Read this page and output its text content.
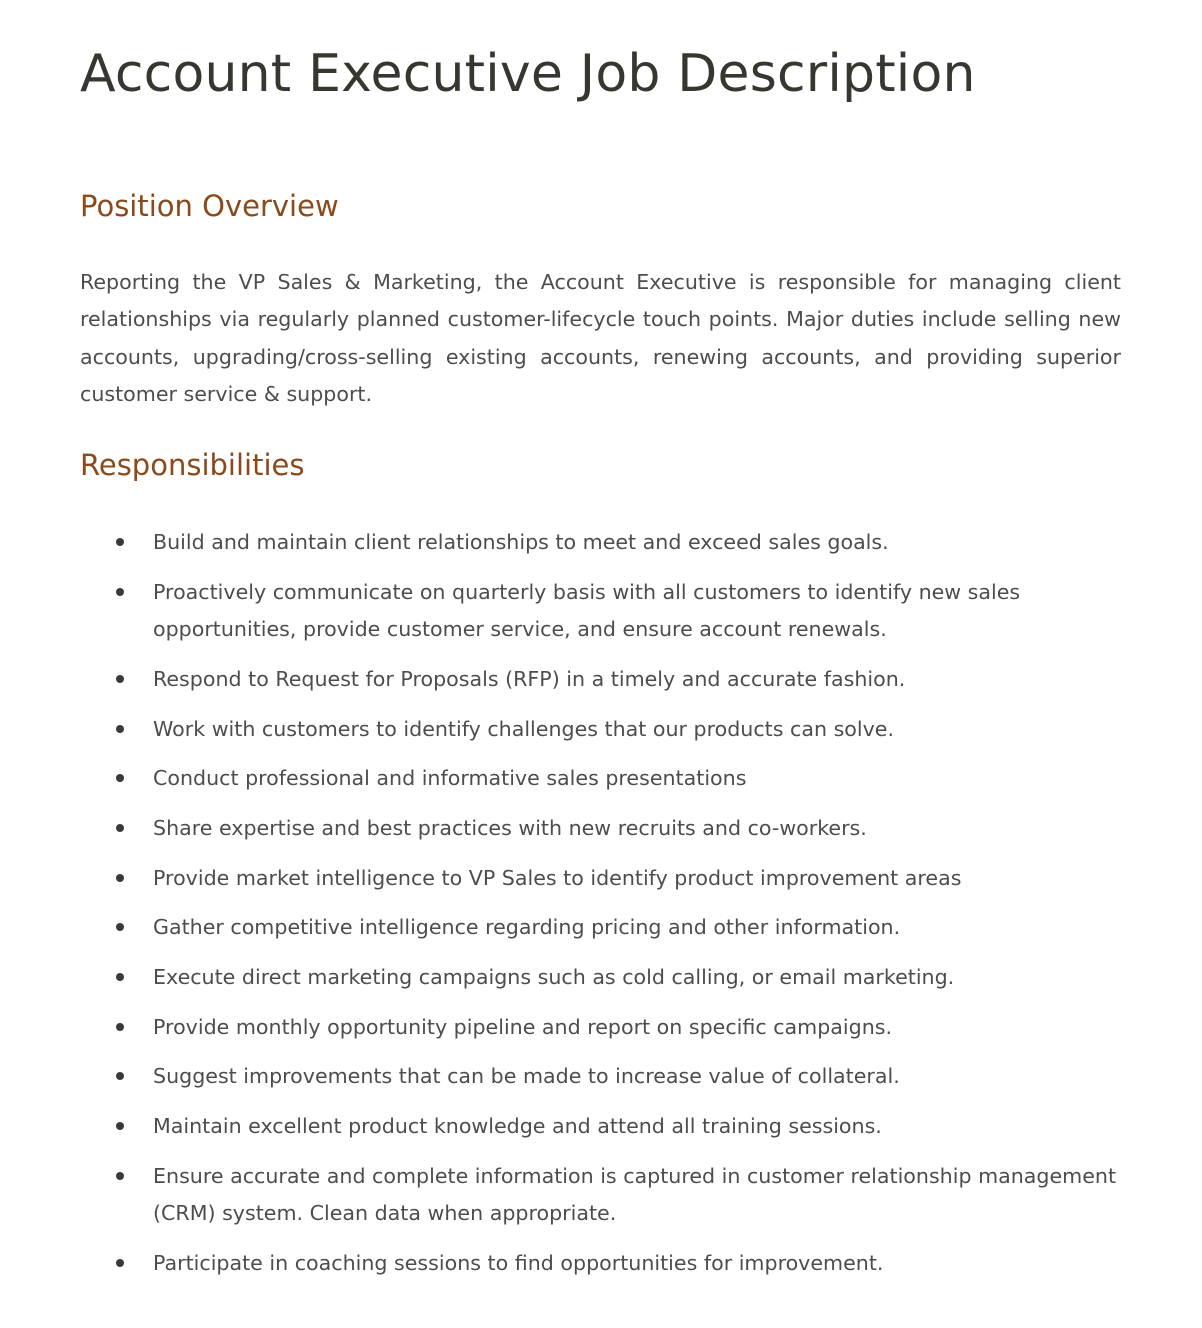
Account Executive Job Description
Position Overview

Reporting the VP Sales & Marketing, the Account Executive is responsible for managing client relationships via regularly planned customer-lifecycle touch points. Major duties include selling new accounts, upgrading/cross-selling existing accounts, renewing accounts, and providing superior customer service & support.

Responsibilities
Build and maintain client relationships to meet and exceed sales goals.
Proactively communicate on quarterly basis with all customers to identify new sales opportunities, provide customer service, and ensure account renewals.
Respond to Request for Proposals (RFP) in a timely and accurate fashion.
Work with customers to identify challenges that our products can solve.
Conduct professional and informative sales presentations
Share expertise and best practices with new recruits and co-workers.
Provide market intelligence to VP Sales to identify product improvement areas
Gather competitive intelligence regarding pricing and other information.
Execute direct marketing campaigns such as cold calling, or email marketing.
Provide monthly opportunity pipeline and report on specific campaigns.
Suggest improvements that can be made to increase value of collateral.
Maintain excellent product knowledge and attend all training sessions.
Ensure accurate and complete information is captured in customer relationship management (CRM) system. Clean data when appropriate.
Participate in coaching sessions to find opportunities for improvement.
